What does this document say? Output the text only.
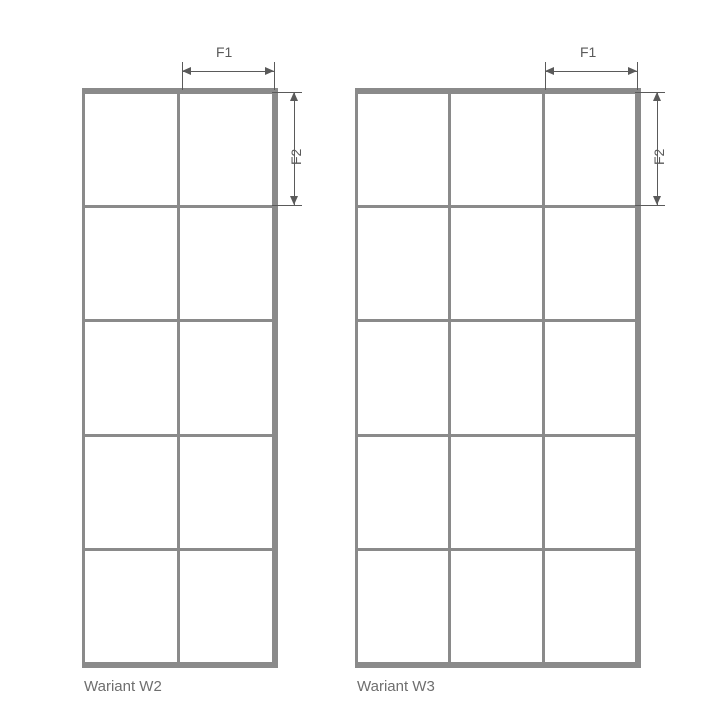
F1
F2
Wariant W2
F1
F2
Wariant W3
